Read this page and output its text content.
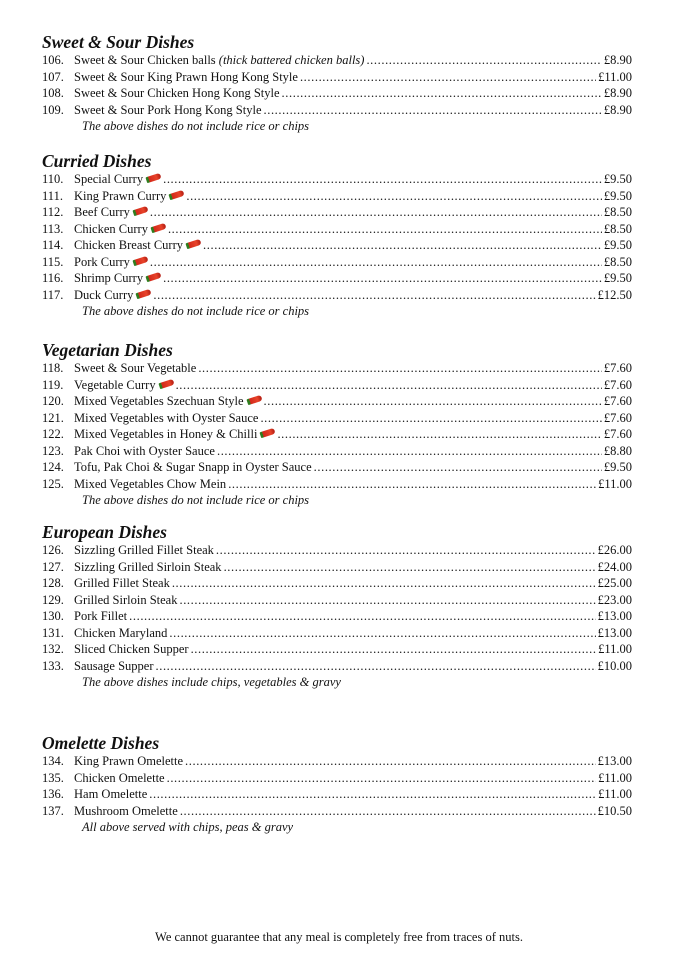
Sweet & Sour Dishes
106. Sweet & Sour Chicken balls (thick battered chicken balls) .....	£8.90
107. Sweet & Sour King Prawn Hong Kong Style .....	£11.00
108. Sweet & Sour Chicken Hong Kong Style .....	£8.90
109. Sweet & Sour Pork Hong Kong Style .....	£8.90
The above dishes do not include rice or chips
Curried Dishes
110. Special Curry .....	£9.50
111. King Prawn Curry .....	£9.50
112. Beef Curry .....	£8.50
113. Chicken Curry .....	£8.50
114. Chicken Breast Curry .....	£9.50
115. Pork Curry .....	£8.50
116. Shrimp Curry .....	£9.50
117. Duck Curry .....	£12.50
The above dishes do not include rice or chips
Vegetarian Dishes
118. Sweet & Sour Vegetable .....	£7.60
119. Vegetable Curry .....	£7.60
120. Mixed Vegetables Szechuan Style .....	£7.60
121. Mixed Vegetables with Oyster Sauce .....	£7.60
122. Mixed Vegetables in Honey & Chilli .....	£7.60
123. Pak Choi with Oyster Sauce .....	£8.80
124. Tofu, Pak Choi & Sugar Snapp in Oyster Sauce .....	£9.50
125. Mixed Vegetables Chow Mein .....	£11.00
The above dishes do not include rice or chips
European Dishes
126. Sizzling Grilled Fillet Steak .....	£26.00
127. Sizzling Grilled Sirloin Steak .....	£24.00
128. Grilled Fillet Steak .....	£25.00
129. Grilled Sirloin Steak .....	£23.00
130. Pork Fillet .....	£13.00
131. Chicken Maryland .....	£13.00
132. Sliced Chicken Supper .....	£11.00
133. Sausage Supper .....	£10.00
The above dishes include chips, vegetables & gravy
Omelette Dishes
134. King Prawn Omelette .....	£13.00
135. Chicken Omelette .....	£11.00
136. Ham Omelette .....	£11.00
137. Mushroom Omelette .....	£10.50
All above served with chips, peas & gravy
We cannot guarantee that any meal is completely free from traces of nuts.
